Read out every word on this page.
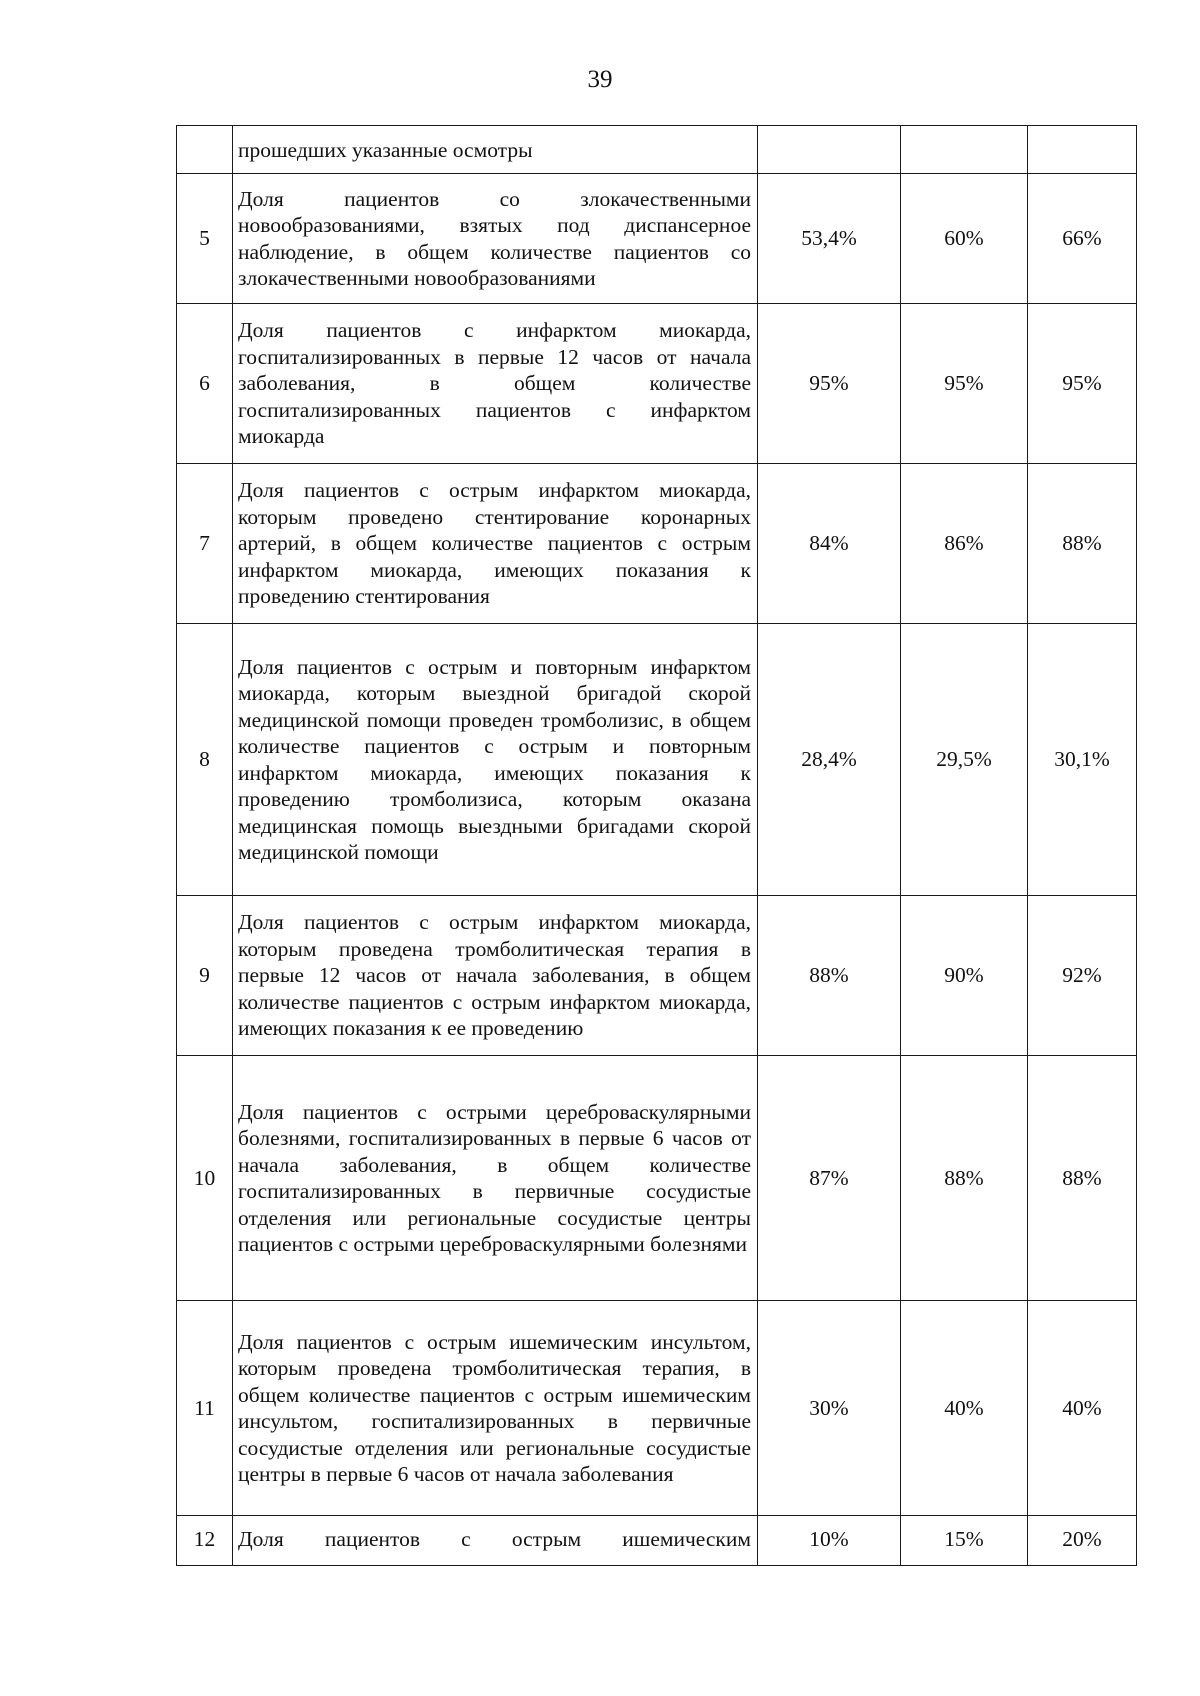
39
	прошедших указанные осмотры			
5	Доля пациентов со злокачественными новообразованиями, взятых под диспансерное наблюдение, в общем количестве пациентов со злокачественными новообразованиями	53,4%	60%	66%
6	Доля пациентов с инфарктом миокарда, госпитализированных в первые 12 часов от начала заболевания, в общем количестве госпитализированных пациентов с инфарктом миокарда	95%	95%	95%
7	Доля пациентов с острым инфарктом миокарда, которым проведено стентирование коронарных артерий, в общем количестве пациентов с острым инфарктом миокарда, имеющих показания к проведению стентирования	84%	86%	88%
8	Доля пациентов с острым и повторным инфарктом миокарда, которым выездной бригадой скорой медицинской помощи проведен тромболизис, в общем количестве пациентов с острым и повторным инфарктом миокарда, имеющих показания к проведению тромболизиса, которым оказана медицинская помощь выездными бригадами скорой медицинской помощи	28,4%	29,5%	30,1%
9	Доля пациентов с острым инфарктом миокарда, которым проведена тромболитическая терапия в первые 12 часов от начала заболевания, в общем количестве пациентов с острым инфарктом миокарда, имеющих показания к ее проведению	88%	90%	92%
10	Доля пациентов с острыми цереброваскулярными болезнями, госпитализированных в первые 6 часов от начала заболевания, в общем количестве госпитализированных в первичные сосудистые отделения или региональные сосудистые центры пациентов с острыми цереброваскулярными болезнями	87%	88%	88%
11	Доля пациентов с острым ишемическим инсультом, которым проведена тромболитическая терапия, в общем количестве пациентов с острым ишемическим инсультом, госпитализированных в первичные сосудистые отделения или региональные сосудистые центры в первые 6 часов от начала заболевания	30%	40%	40%
12	Доля пациентов с острым ишемическим	10%	15%	20%
